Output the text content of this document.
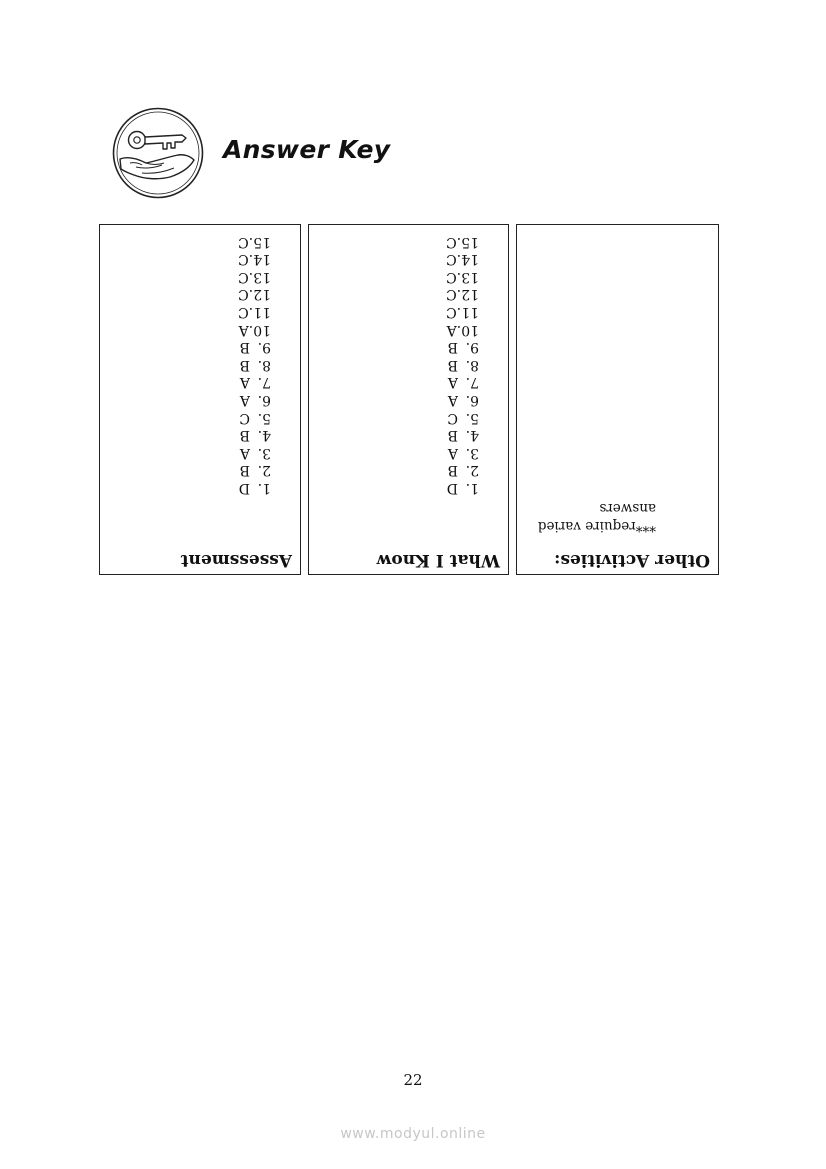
Answer Key
Assessment
1.
D
2.
B
3.
A
4.
B
5.
C
6.
A
7.
A
8.
B
9.
B
10.
A
11.
C
12.
C
13.
C
14.
C
15.
C
What I Know
1.
D
2.
B
3.
A
4.
B
5.
C
6.
A
7.
A
8.
B
9.
B
10.
A
11.
C
12.
C
13.
C
14.
C
15.
C
Other Activities:
***require varied answers
22
www.modyul.online
